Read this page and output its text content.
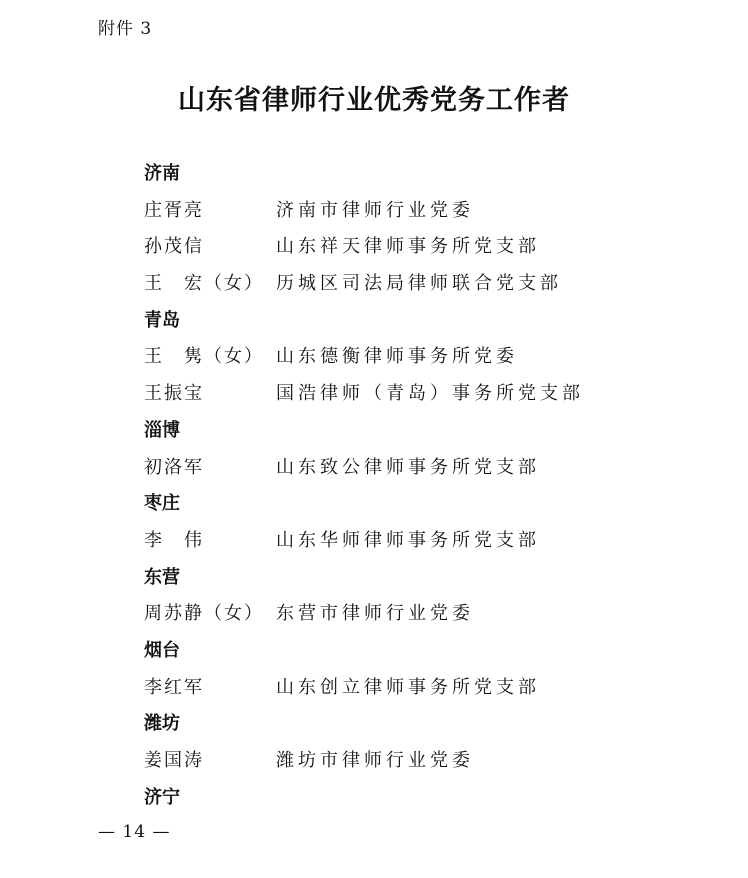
附件 3
山东省律师行业优秀党务工作者
济南
庄胥亮	济南市律师行业党委
孙茂信	山东祥天律师事务所党支部
王　宏（女） 历城区司法局律师联合党支部
青岛
王　隽（女） 山东德衡律师事务所党委
王振宝	国浩律师（青岛）事务所党支部
淄博
初洛军	山东致公律师事务所党支部
枣庄
李　伟	山东华师律师事务所党支部
东营
周苏静（女） 东营市律师行业党委
烟台
李红军	山东创立律师事务所党支部
潍坊
姜国涛	潍坊市律师行业党委
济宁
— 14 —
